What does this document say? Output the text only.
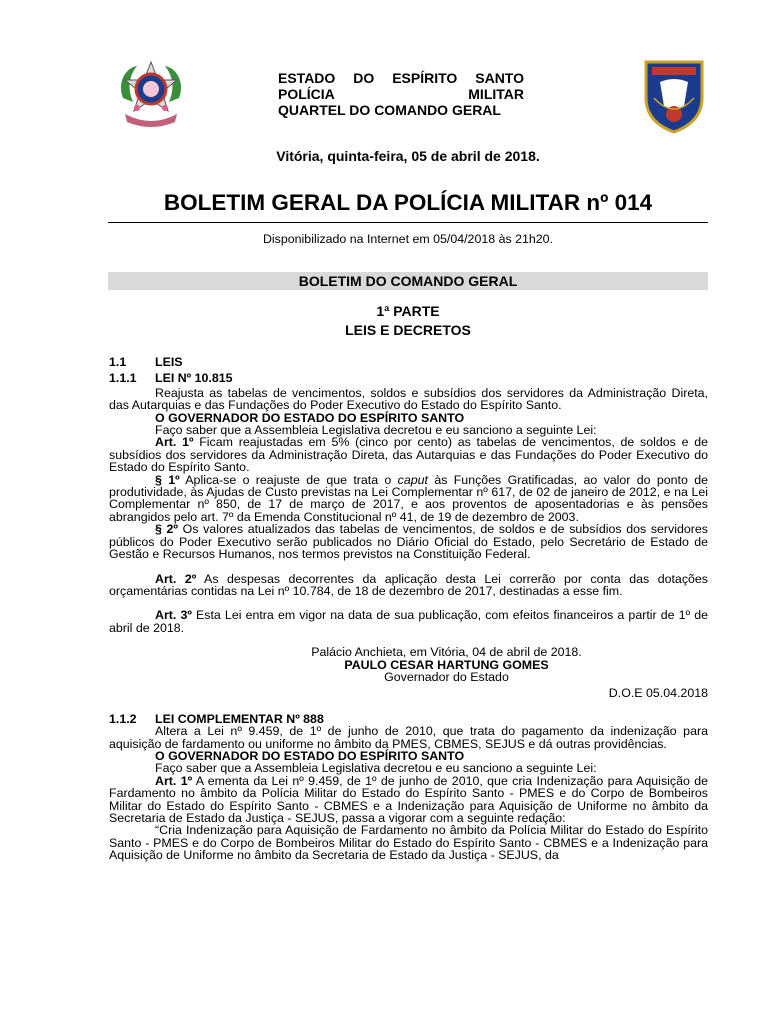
ESTADO DO ESPÍRITO SANTO
POLÍCIA	MILITAR
QUARTEL DO COMANDO GERAL
Vitória, quinta-feira, 05 de abril de 2018.
BOLETIM GERAL DA POLÍCIA MILITAR nº 014
Disponibilizado na Internet em 05/04/2018 às 21h20.
BOLETIM DO COMANDO GERAL
1ª PARTE
LEIS E DECRETOS
1.1	LEIS
1.1.1	LEI Nº 10.815
Reajusta as tabelas de vencimentos, soldos e subsídios dos servidores da Administração Direta, das Autarquias e das Fundações do Poder Executivo do Estado do Espírito Santo.
O GOVERNADOR DO ESTADO DO ESPÍRITO SANTO
Faço saber que a Assembleia Legislativa decretou e eu sanciono a seguinte Lei:
Art. 1º Ficam reajustadas em 5% (cinco por cento) as tabelas de vencimentos, de soldos e de subsídios dos servidores da Administração Direta, das Autarquias e das Fundações do Poder Executivo do Estado do Espírito Santo.
§ 1º Aplica-se o reajuste de que trata o caput às Funções Gratificadas, ao valor do ponto de produtividade, às Ajudas de Custo previstas na Lei Complementar nº 617, de 02 de janeiro de 2012, e na Lei Complementar nº 850, de 17 de março de 2017, e aos proventos de aposentadorias e às pensões abrangidos pelo art. 7º da Emenda Constitucional nº 41, de 19 de dezembro de 2003.
§ 2º Os valores atualizados das tabelas de vencimentos, de soldos e de subsídios dos servidores públicos do Poder Executivo serão publicados no Diário Oficial do Estado, pelo Secretário de Estado de Gestão e Recursos Humanos, nos termos previstos na Constituição Federal.
Art. 2º As despesas decorrentes da aplicação desta Lei correrão por conta das dotações orçamentárias contidas na Lei nº 10.784, de 18 de dezembro de 2017, destinadas a esse fim.
Art. 3º Esta Lei entra em vigor na data de sua publicação, com efeitos financeiros a partir de 1º de abril de 2018.
Palácio Anchieta, em Vitória, 04 de abril de 2018.
PAULO CESAR HARTUNG GOMES
Governador do Estado
D.O.E 05.04.2018
1.1.2	LEI COMPLEMENTAR Nº 888
Altera a Lei nº 9.459, de 1º de junho de 2010, que trata do pagamento da indenização para aquisição de fardamento ou uniforme no âmbito da PMES, CBMES, SEJUS e dá outras providências.
O GOVERNADOR DO ESTADO DO ESPÍRITO SANTO
Faço saber que a Assembleia Legislativa decretou e eu sanciono a seguinte Lei:
Art. 1º A ementa da Lei nº 9.459, de 1º de junho de 2010, que cria Indenização para Aquisição de Fardamento no âmbito da Polícia Militar do Estado do Espírito Santo - PMES e do Corpo de Bombeiros Militar do Estado do Espírito Santo - CBMES e a Indenização para Aquisição de Uniforme no âmbito da Secretaria de Estado da Justiça - SEJUS, passa a vigorar com a seguinte redação:
“Cria Indenização para Aquisição de Fardamento no âmbito da Polícia Militar do Estado do Espírito Santo - PMES e do Corpo de Bombeiros Militar do Estado do Espírito Santo - CBMES e a Indenização para Aquisição de Uniforme no âmbito da Secretaria de Estado da Justiça - SEJUS, da
